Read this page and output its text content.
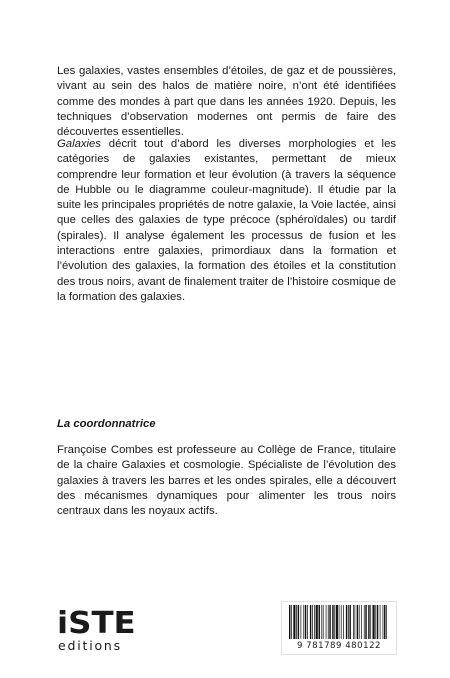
Les galaxies, vastes ensembles d’étoiles, de gaz et de poussières, vivant au sein des halos de matière noire, n’ont été identifiées comme des mondes à part que dans les années 1920. Depuis, les techniques d’observation modernes ont permis de faire des découvertes essentielles.

Galaxies décrit tout d’abord les diverses morphologies et les catégories de galaxies existantes, permettant de mieux comprendre leur formation et leur évolution (à travers la séquence de Hubble ou le diagramme couleur-magnitude). Il étudie par la suite les principales propriétés de notre galaxie, la Voie lactée, ainsi que celles des galaxies de type précoce (sphéroïdales) ou tardif (spirales). Il analyse également les processus de fusion et les interactions entre galaxies, primordiaux dans la formation et l’évolution des galaxies, la formation des étoiles et la constitution des trous noirs, avant de finalement traiter de l’histoire cosmique de la formation des galaxies.

La coordonnatrice

Françoise Combes est professeure au Collège de France, titulaire de la chaire Galaxies et cosmologie. Spécialiste de l’évolution des galaxies à travers les barres et les ondes spirales, elle a découvert des mécanismes dynamiques pour alimenter les trous noirs centraux dans les noyaux actifs.

iSTE
editions	9 781789 480122
